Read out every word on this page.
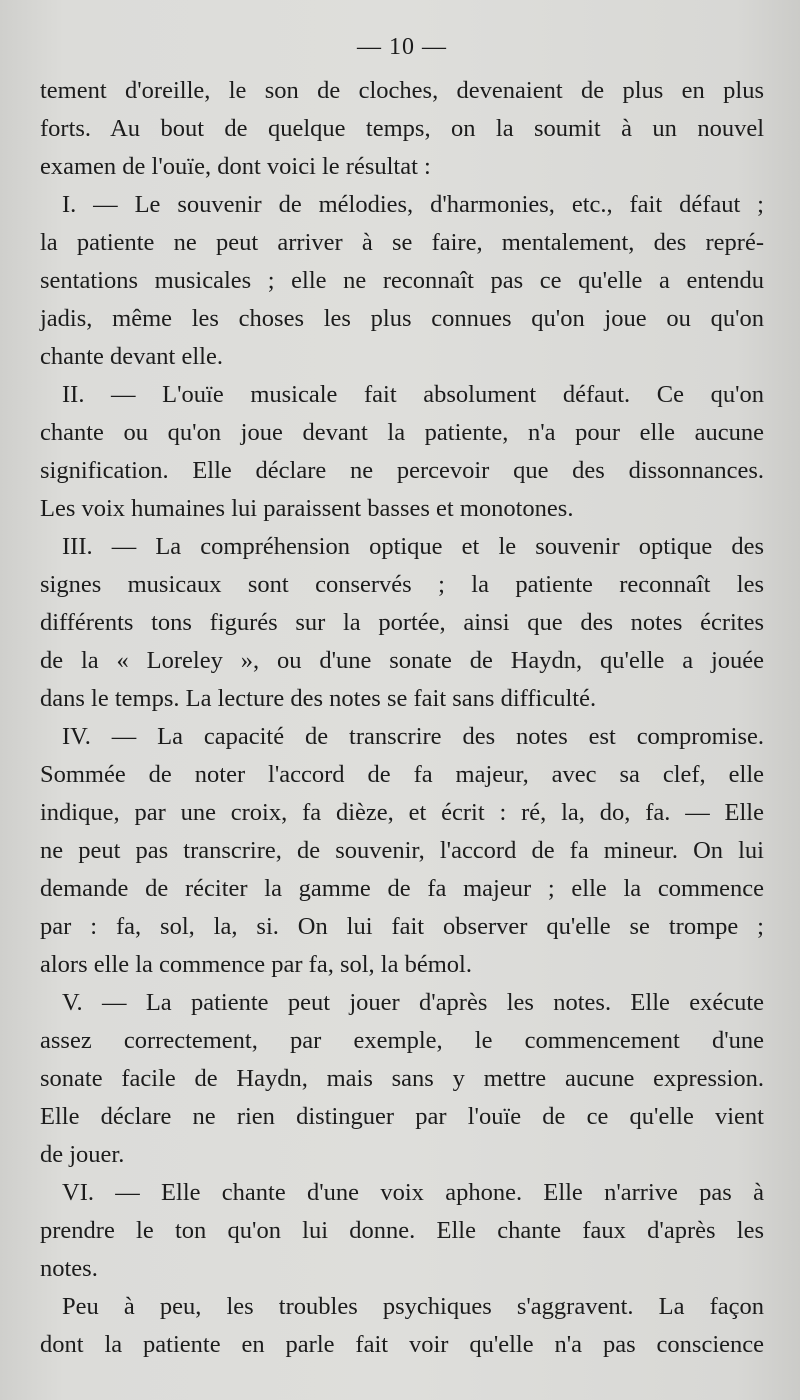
— 10 —

tement d'oreille, le son de cloches, devenaient de plus en plus
forts. Au bout de quelque temps, on la soumit à un nouvel
examen de l'ouïe, dont voici le résultat :

I. — Le souvenir de mélodies, d'harmonies, etc., fait défaut ;
la patiente ne peut arriver à se faire, mentalement, des repré-
sentations musicales ; elle ne reconnaît pas ce qu'elle a entendu
jadis, même les choses les plus connues qu'on joue ou qu'on
chante devant elle.

II. — L'ouïe musicale fait absolument défaut. Ce qu'on
chante ou qu'on joue devant la patiente, n'a pour elle aucune
signification. Elle déclare ne percevoir que des dissonnances.
Les voix humaines lui paraissent basses et monotones.

III. — La compréhension optique et le souvenir optique des
signes musicaux sont conservés ; la patiente reconnaît les
différents tons figurés sur la portée, ainsi que des notes écrites
de la « Loreley », ou d'une sonate de Haydn, qu'elle a jouée
dans le temps. La lecture des notes se fait sans difficulté.

IV. — La capacité de transcrire des notes est compromise.
Sommée de noter l'accord de fa majeur, avec sa clef, elle
indique, par une croix, fa dièze, et écrit : ré, la, do, fa. — Elle
ne peut pas transcrire, de souvenir, l'accord de fa mineur. On lui
demande de réciter la gamme de fa majeur ; elle la commence
par : fa, sol, la, si. On lui fait observer qu'elle se trompe ;
alors elle la commence par fa, sol, la bémol.

V. — La patiente peut jouer d'après les notes. Elle exécute
assez correctement, par exemple, le commencement d'une
sonate facile de Haydn, mais sans y mettre aucune expression.
Elle déclare ne rien distinguer par l'ouïe de ce qu'elle vient
de jouer.

VI. — Elle chante d'une voix aphone. Elle n'arrive pas à
prendre le ton qu'on lui donne. Elle chante faux d'après les
notes.

Peu à peu, les troubles psychiques s'aggravent. La façon
dont la patiente en parle fait voir qu'elle n'a pas conscience
